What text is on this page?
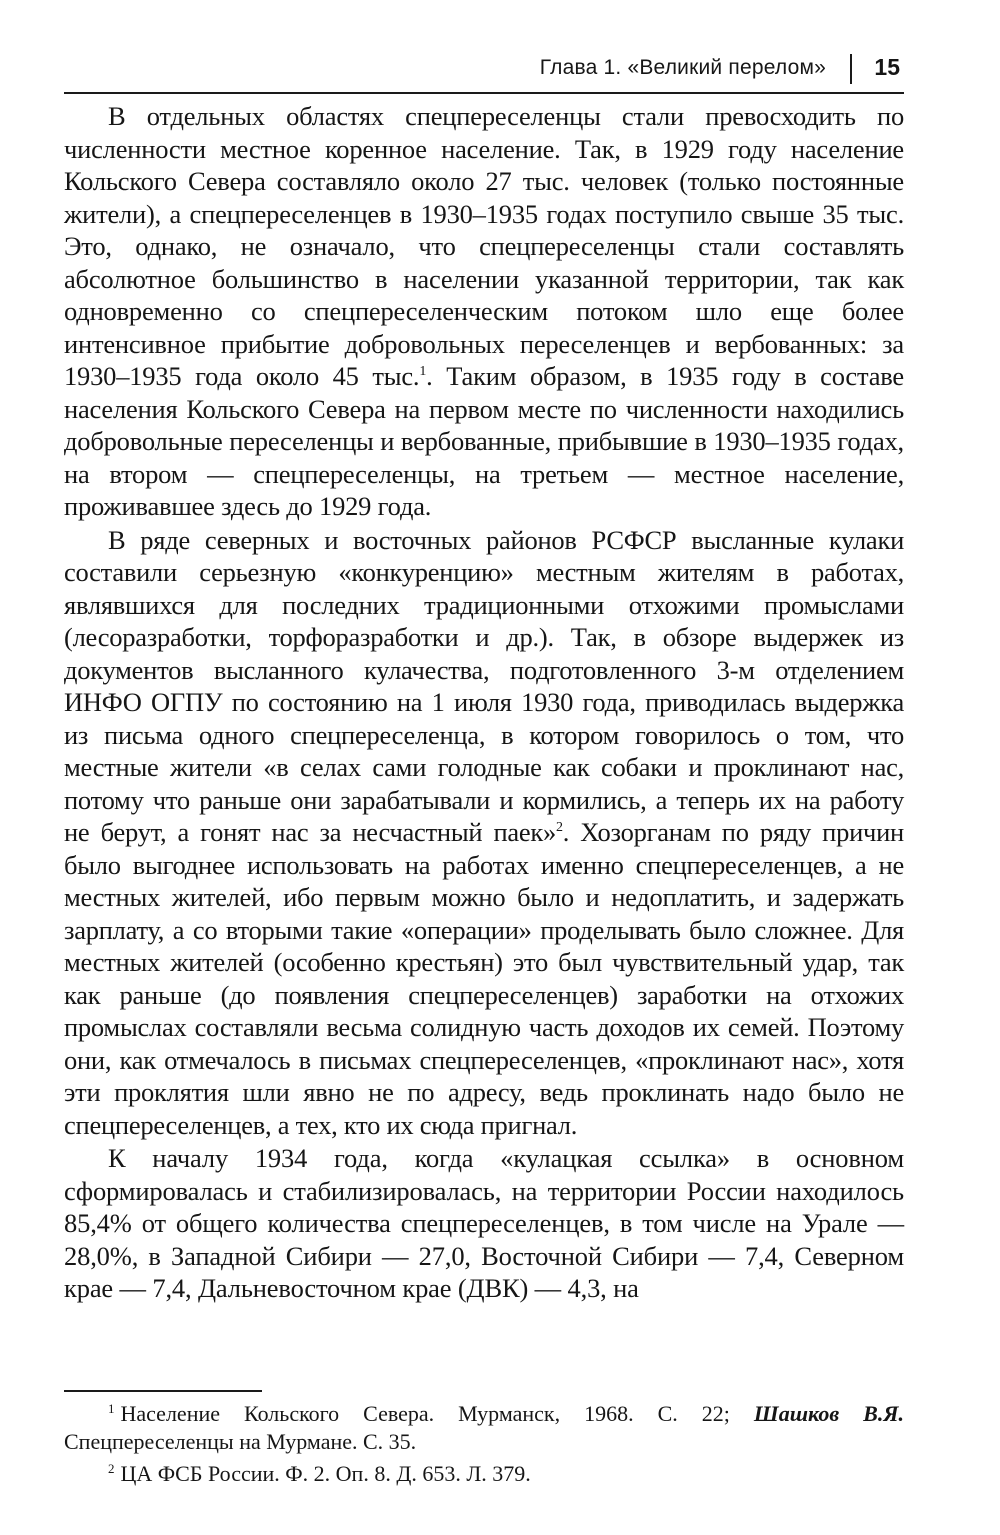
Глава 1. «Великий перелом» 15

В отдельных областях спецпереселенцы стали превосходить по численности местное коренное население. Так, в 1929 году население Кольского Севера составляло около 27 тыс. человек (только постоянные жители), а спецпереселенцев в 1930–1935 годах поступило свыше 35 тыс. Это, однако, не означало, что спецпереселенцы стали составлять абсолютное большинство в населении указанной территории, так как одновременно со спецпереселенческим потоком шло еще более интенсивное прибытие добровольных переселенцев и вербованных: за 1930–1935 года около 45 тыс.$^1$. Таким образом, в 1935 году в составе населения Кольского Севера на первом месте по численности находились добровольные переселенцы и вербованные, прибывшие в 1930–1935 годах, на втором — спецпереселенцы, на третьем — местное население, проживавшее здесь до 1929 года.

В ряде северных и восточных районов РСФСР высланные кулаки составили серьезную «конкуренцию» местным жителям в работах, являвшихся для последних традиционными отхожими промыслами (лесоразработки, торфоразработки и др.). Так, в обзоре выдержек из документов высланного кулачества, подготовленного 3-м отделением ИНФО ОГПУ по состоянию на 1 июля 1930 года, приводилась выдержка из письма одного спецпереселенца, в котором говорилось о том, что местные жители «в селах сами голодные как собаки и проклинают нас, потому что раньше они зарабатывали и кормились, а теперь их на работу не берут, а гонят нас за несчастный паек»$^2$. Хозорганам по ряду причин было выгоднее использовать на работах именно спецпереселенцев, а не местных жителей, ибо первым можно было и недоплатить, и задержать зарплату, а со вторыми такие «операции» проделывать было сложнее. Для местных жителей (особенно крестьян) это был чувствительный удар, так как раньше (до появления спецпереселенцев) заработки на отхожих промыслах составляли весьма солидную часть доходов их семей. Поэтому они, как отмечалось в письмах спецпереселенцев, «проклинают нас», хотя эти проклятия шли явно не по адресу, ведь проклинать надо было не спецпереселенцев, а тех, кто их сюда пригнал.

К началу 1934 года, когда «кулацкая ссылка» в основном сформировалась и стабилизировалась, на территории России находилось 85,4% от общего количества спецпереселенцев, в том числе на Урале — 28,0%, в Западной Сибири — 27,0, Восточной Сибири — 7,4, Северном крае — 7,4, Дальневосточном крае (ДВК) — 4,3, на

$^1$ Население Кольского Севера. Мурманск, 1968. С. 22; Шашков В.Я. Спецпереселенцы на Мурмане. С. 35.

$^2$ ЦА ФСБ России. Ф. 2. Оп. 8. Д. 653. Л. 379.
